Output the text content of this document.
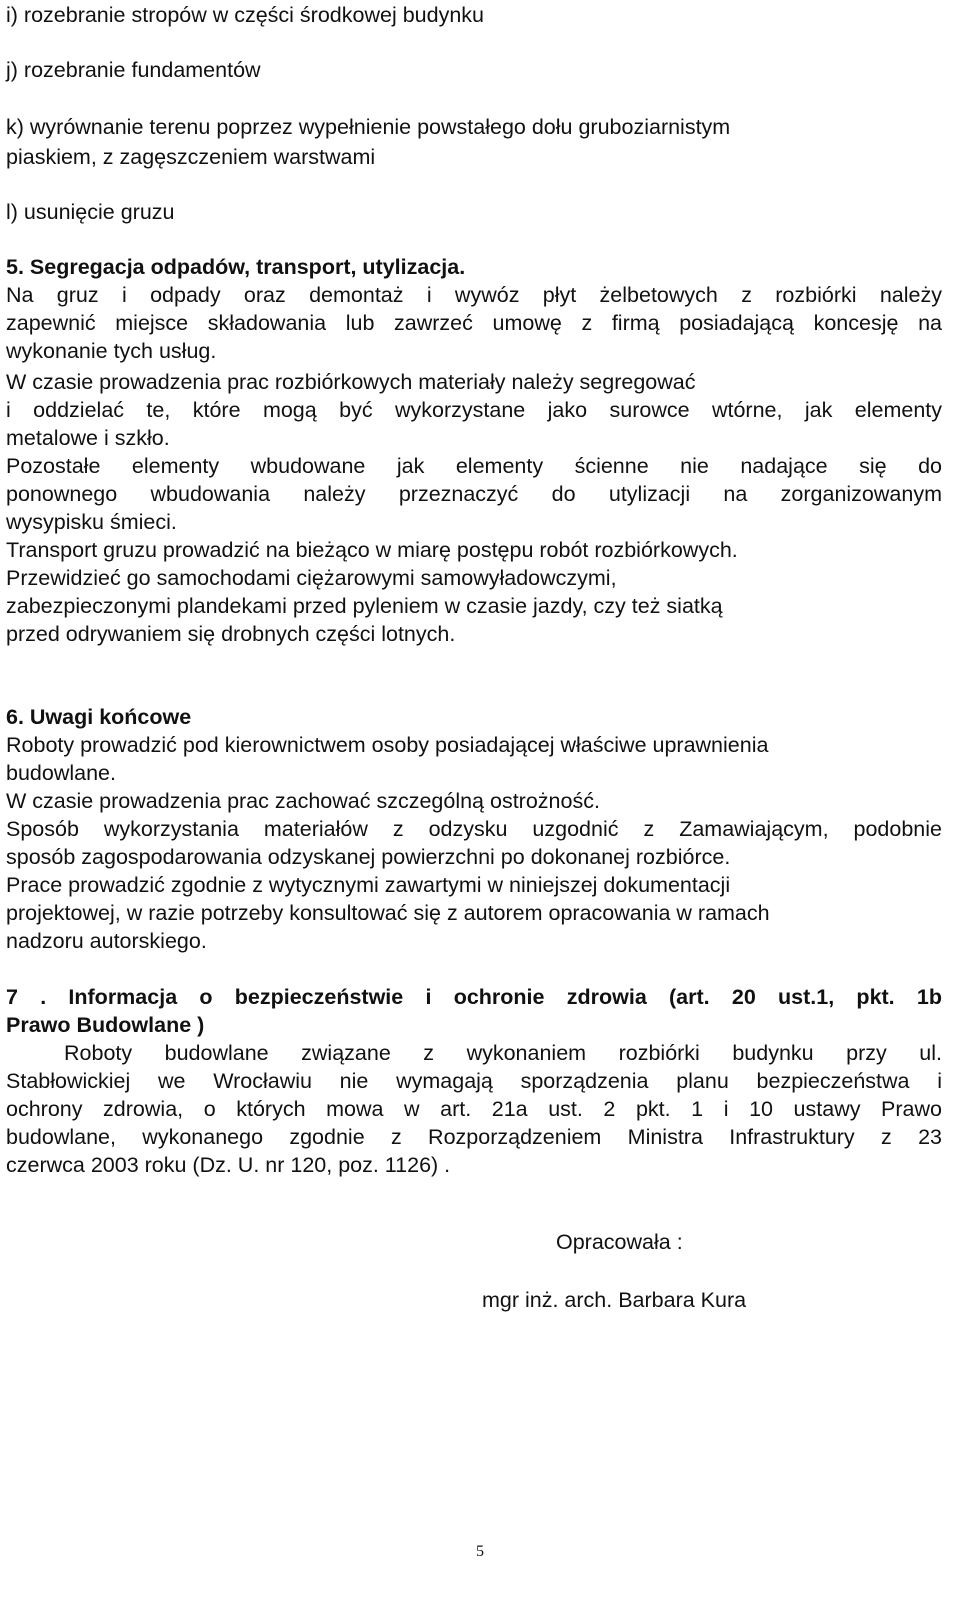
i) rozebranie stropów w części środkowej budynku
j) rozebranie fundamentów
k) wyrównanie terenu poprzez wypełnienie powstałego dołu gruboziarnistym
piaskiem, z zagęszczeniem warstwami
l) usunięcie gruzu
5. Segregacja odpadów, transport, utylizacja.
Na gruz i odpady oraz demontaż i wywóz płyt żelbetowych z rozbiórki należy
zapewnić miejsce składowania lub zawrzeć umowę z firmą posiadającą koncesję na
wykonanie tych usług.
W czasie prowadzenia prac rozbiórkowych materiały należy segregować
i oddzielać te, które mogą być wykorzystane jako surowce wtórne, jak elementy
metalowe i szkło.
Pozostałe elementy wbudowane jak elementy ścienne nie nadające się do
ponownego wbudowania należy przeznaczyć do utylizacji na zorganizowanym
wysypisku śmieci.
Transport gruzu prowadzić na bieżąco w miarę postępu robót rozbiórkowych.
Przewidzieć go samochodami ciężarowymi samowyładowczymi,
zabezpieczonymi plandekami przed pyleniem w czasie jazdy, czy też siatką
przed odrywaniem się drobnych części lotnych.
6. Uwagi końcowe
Roboty prowadzić pod kierownictwem osoby posiadającej właściwe uprawnienia
budowlane.
W czasie prowadzenia prac zachować szczególną ostrożność.
Sposób wykorzystania materiałów z odzysku uzgodnić z Zamawiającym, podobnie
sposób zagospodarowania odzyskanej powierzchni po dokonanej rozbiórce.
Prace prowadzić zgodnie z wytycznymi zawartymi w niniejszej dokumentacji
projektowej, w razie potrzeby konsultować się z autorem opracowania w ramach
nadzoru autorskiego.
7 . Informacja o bezpieczeństwie i ochronie zdrowia (art. 20 ust.1, pkt. 1b
Prawo Budowlane )
Roboty budowlane związane z wykonaniem rozbiórki budynku przy ul.
Stabłowickiej we Wrocławiu nie wymagają sporządzenia planu bezpieczeństwa i
ochrony zdrowia, o których mowa w art. 21a ust. 2 pkt. 1 i 10 ustawy Prawo
budowlane, wykonanego zgodnie z Rozporządzeniem Ministra Infrastruktury z 23
czerwca 2003 roku (Dz. U. nr 120, poz. 1126) .
Opracowała :
mgr inż. arch. Barbara Kura
5
